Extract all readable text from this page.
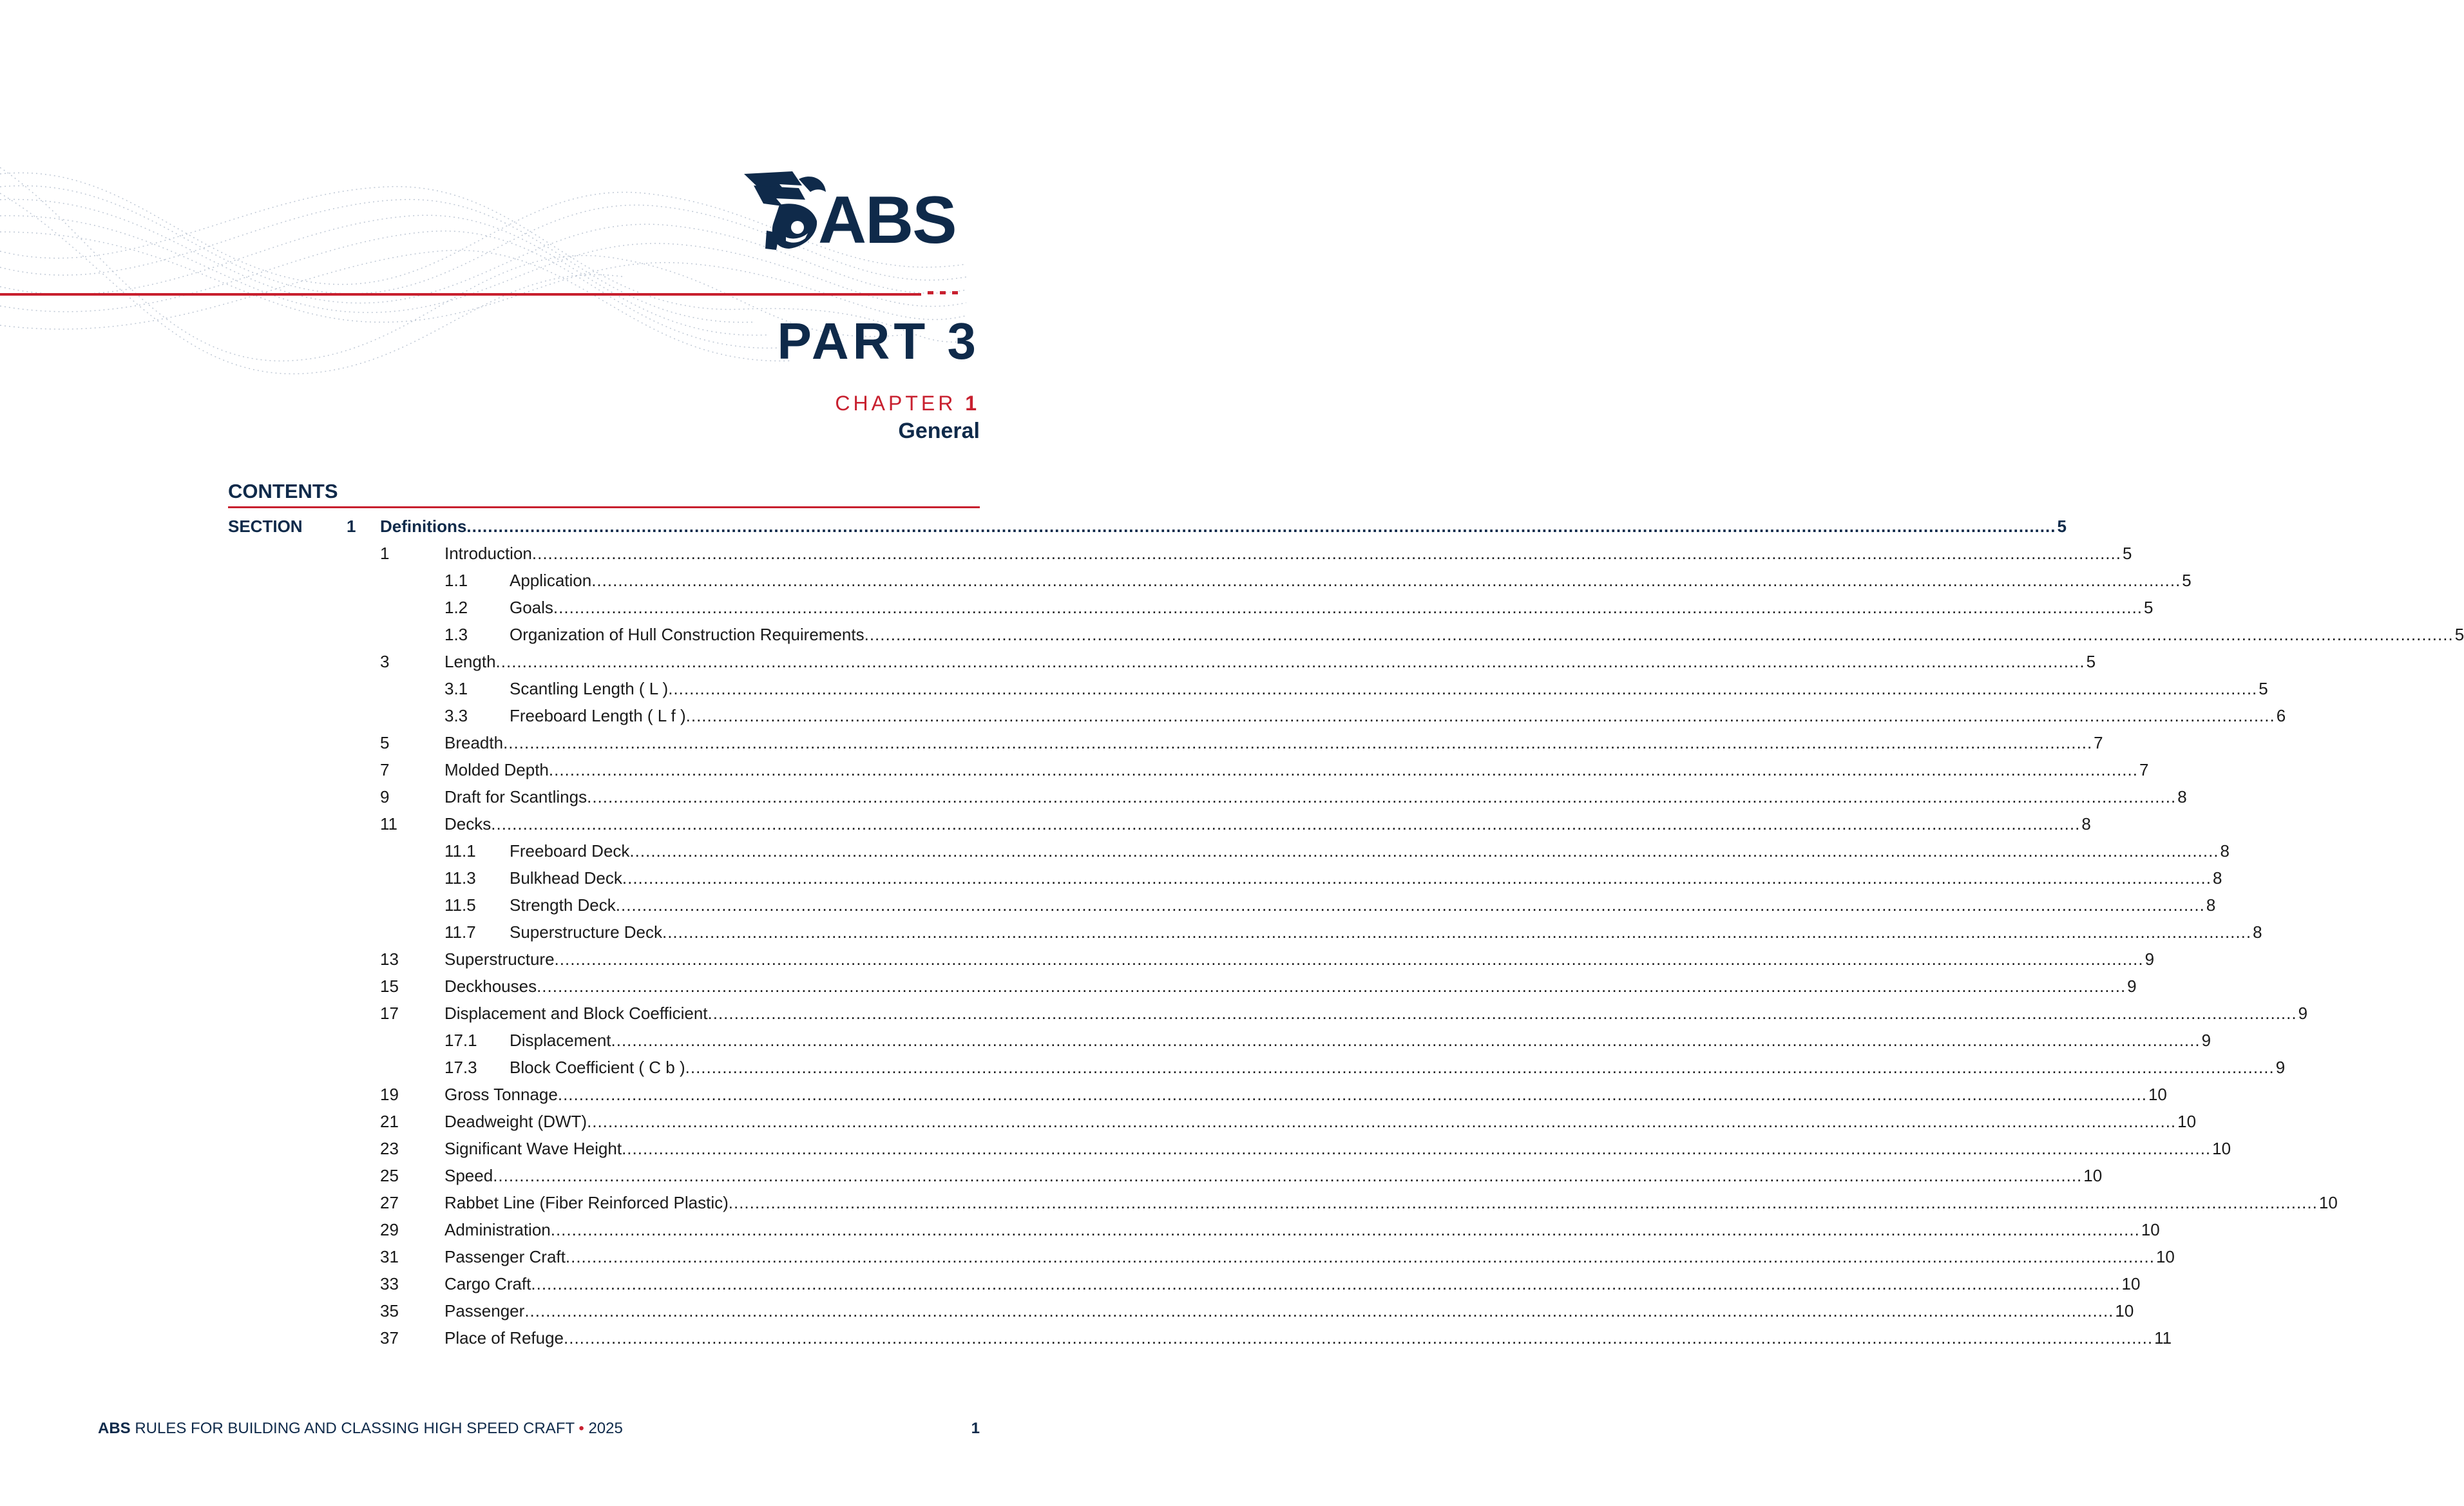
ABS
PART 3
CHAPTER 1
General
CONTENTS
SECTION	1 Definitions ............................................................................................................................................................................................................................................................................................................ 5
1	Introduction ............................................................................................................................................................................................................................................................................................................ 5
1.1 Application ............................................................................................................................................................................................................................................................................................................ 5
1.2 Goals ............................................................................................................................................................................................................................................................................................................ 5
1.3 Organization of Hull Construction Requirements ............................................................................................................................................................................................................................................................................................................ 5
3	Length ............................................................................................................................................................................................................................................................................................................ 5
3.1 Scantling Length ( L ) ............................................................................................................................................................................................................................................................................................................ 5
3.3 Freeboard Length ( L f ) ............................................................................................................................................................................................................................................................................................................ 6
5	Breadth ............................................................................................................................................................................................................................................................................................................ 7
7	Molded Depth ............................................................................................................................................................................................................................................................................................................ 7
9	Draft for Scantlings ............................................................................................................................................................................................................................................................................................................ 8
11	Decks ............................................................................................................................................................................................................................................................................................................ 8
11.1 Freeboard Deck ............................................................................................................................................................................................................................................................................................................ 8
11.3 Bulkhead Deck ............................................................................................................................................................................................................................................................................................................ 8
11.5 Strength Deck ............................................................................................................................................................................................................................................................................................................ 8
11.7 Superstructure Deck ............................................................................................................................................................................................................................................................................................................ 8
13	Superstructure ............................................................................................................................................................................................................................................................................................................ 9
15	Deckhouses ............................................................................................................................................................................................................................................................................................................ 9
17	Displacement and Block Coefficient ............................................................................................................................................................................................................................................................................................................ 9
17.1 Displacement ............................................................................................................................................................................................................................................................................................................ 9
17.3 Block Coefficient ( C b ) ............................................................................................................................................................................................................................................................................................................ 9
19	Gross Tonnage ............................................................................................................................................................................................................................................................................................................ 10
21	Deadweight (DWT) ............................................................................................................................................................................................................................................................................................................ 10
23	Significant Wave Height ............................................................................................................................................................................................................................................................................................................ 10
25	Speed ............................................................................................................................................................................................................................................................................................................ 10
27	Rabbet Line (Fiber Reinforced Plastic) ............................................................................................................................................................................................................................................................................................................ 10
29	Administration ............................................................................................................................................................................................................................................................................................................ 10
31	Passenger Craft ............................................................................................................................................................................................................................................................................................................ 10
33	Cargo Craft ............................................................................................................................................................................................................................................................................................................ 10
35	Passenger ............................................................................................................................................................................................................................................................................................................ 10
37	Place of Refuge ............................................................................................................................................................................................................................................................................................................ 11
ABS RULES FOR BUILDING AND CLASSING HIGH SPEED CRAFT • 2025	1
